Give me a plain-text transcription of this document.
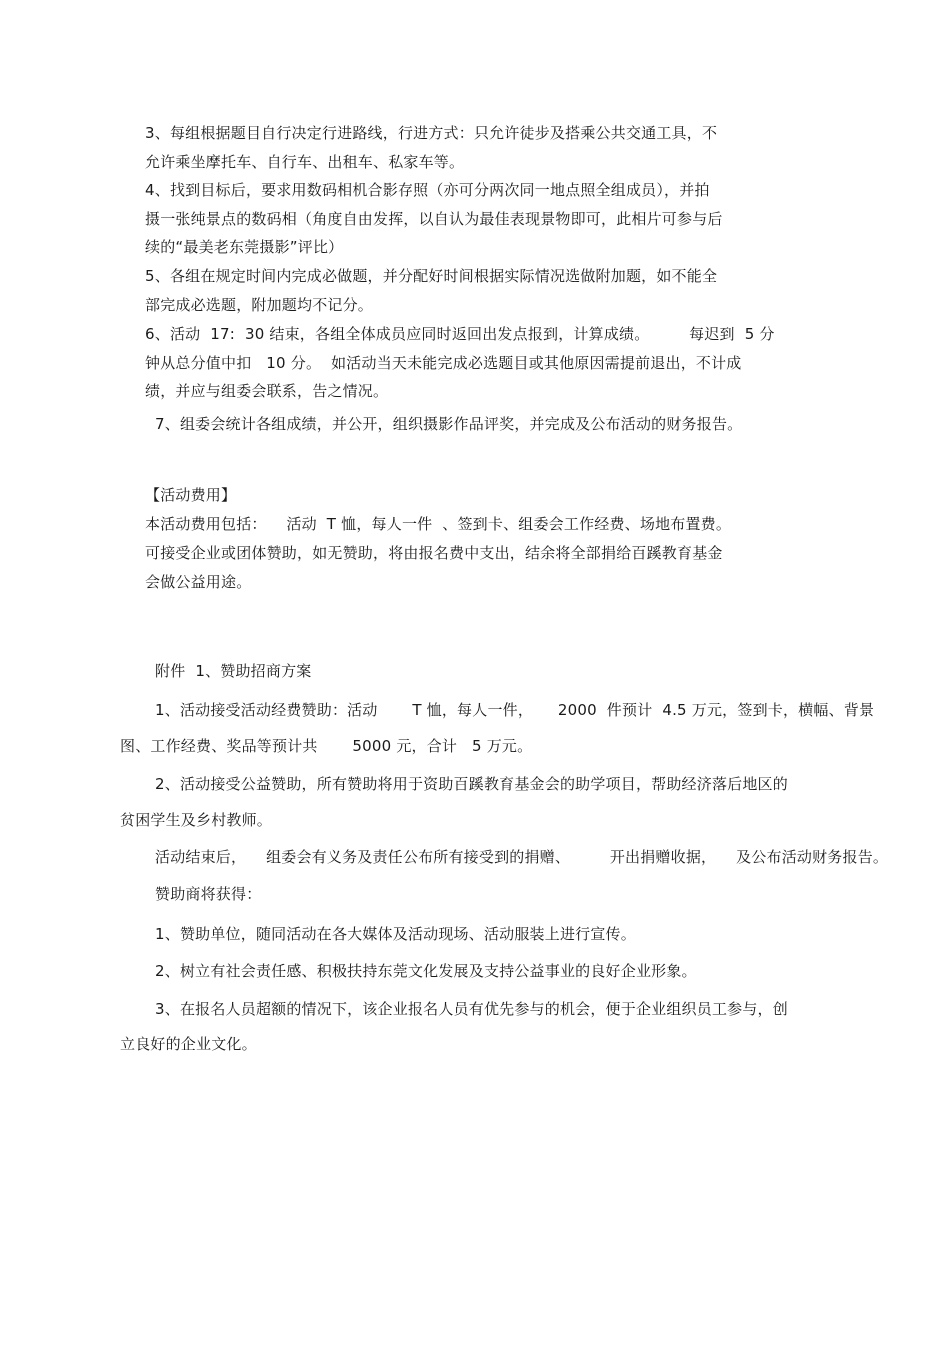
3、每组根据题目自行决定行进路线，行进方式：只允许徒步及搭乘公共交通工具，不
允许乘坐摩托车、自行车、出租车、私家车等。
4、找到目标后，要求用数码相机合影存照（亦可分两次同一地点照全组成员），并拍
摄一张纯景点的数码相（角度自由发挥，以自认为最佳表现景物即可，此相片可参与后
续的“最美老东莞摄影”评比）
5、各组在规定时间内完成必做题，并分配好时间根据实际情况选做附加题，如不能全
部完成必选题，附加题均不记分。
6、活动  17:  30 结束，各组全体成员应同时返回出发点报到，计算成绩。        每迟到  5 分
钟从总分值中扣   10 分。  如活动当天未能完成必选题目或其他原因需提前退出，不计成
绩，并应与组委会联系，告之情况。
7、组委会统计各组成绩，并公开，组织摄影作品评奖，并完成及公布活动的财务报告。
【活动费用】
本活动费用包括：    活动  T 恤，每人一件  、签到卡、组委会工作经费、场地布置费。
可接受企业或团体赞助，如无赞助，将由报名费中支出，结余将全部捐给百蹊教育基金
会做公益用途。
附件  1、赞助招商方案
1、活动接受活动经费赞助：活动       T 恤，每人一件，     2000  件预计  4.5 万元，签到卡，横幅、背景
图、工作经费、奖品等预计共       5000 元，合计   5 万元。
2、活动接受公益赞助，所有赞助将用于资助百蹊教育基金会的助学项目，帮助经济落后地区的
贫困学生及乡村教师。
活动结束后，    组委会有义务及责任公布所有接受到的捐赠、        开出捐赠收据，    及公布活动财务报告。
赞助商将获得：
1、赞助单位，随同活动在各大媒体及活动现场、活动服装上进行宣传。
2、树立有社会责任感、积极扶持东莞文化发展及支持公益事业的良好企业形象。
3、在报名人员超额的情况下，该企业报名人员有优先参与的机会，便于企业组织员工参与，创
立良好的企业文化。
